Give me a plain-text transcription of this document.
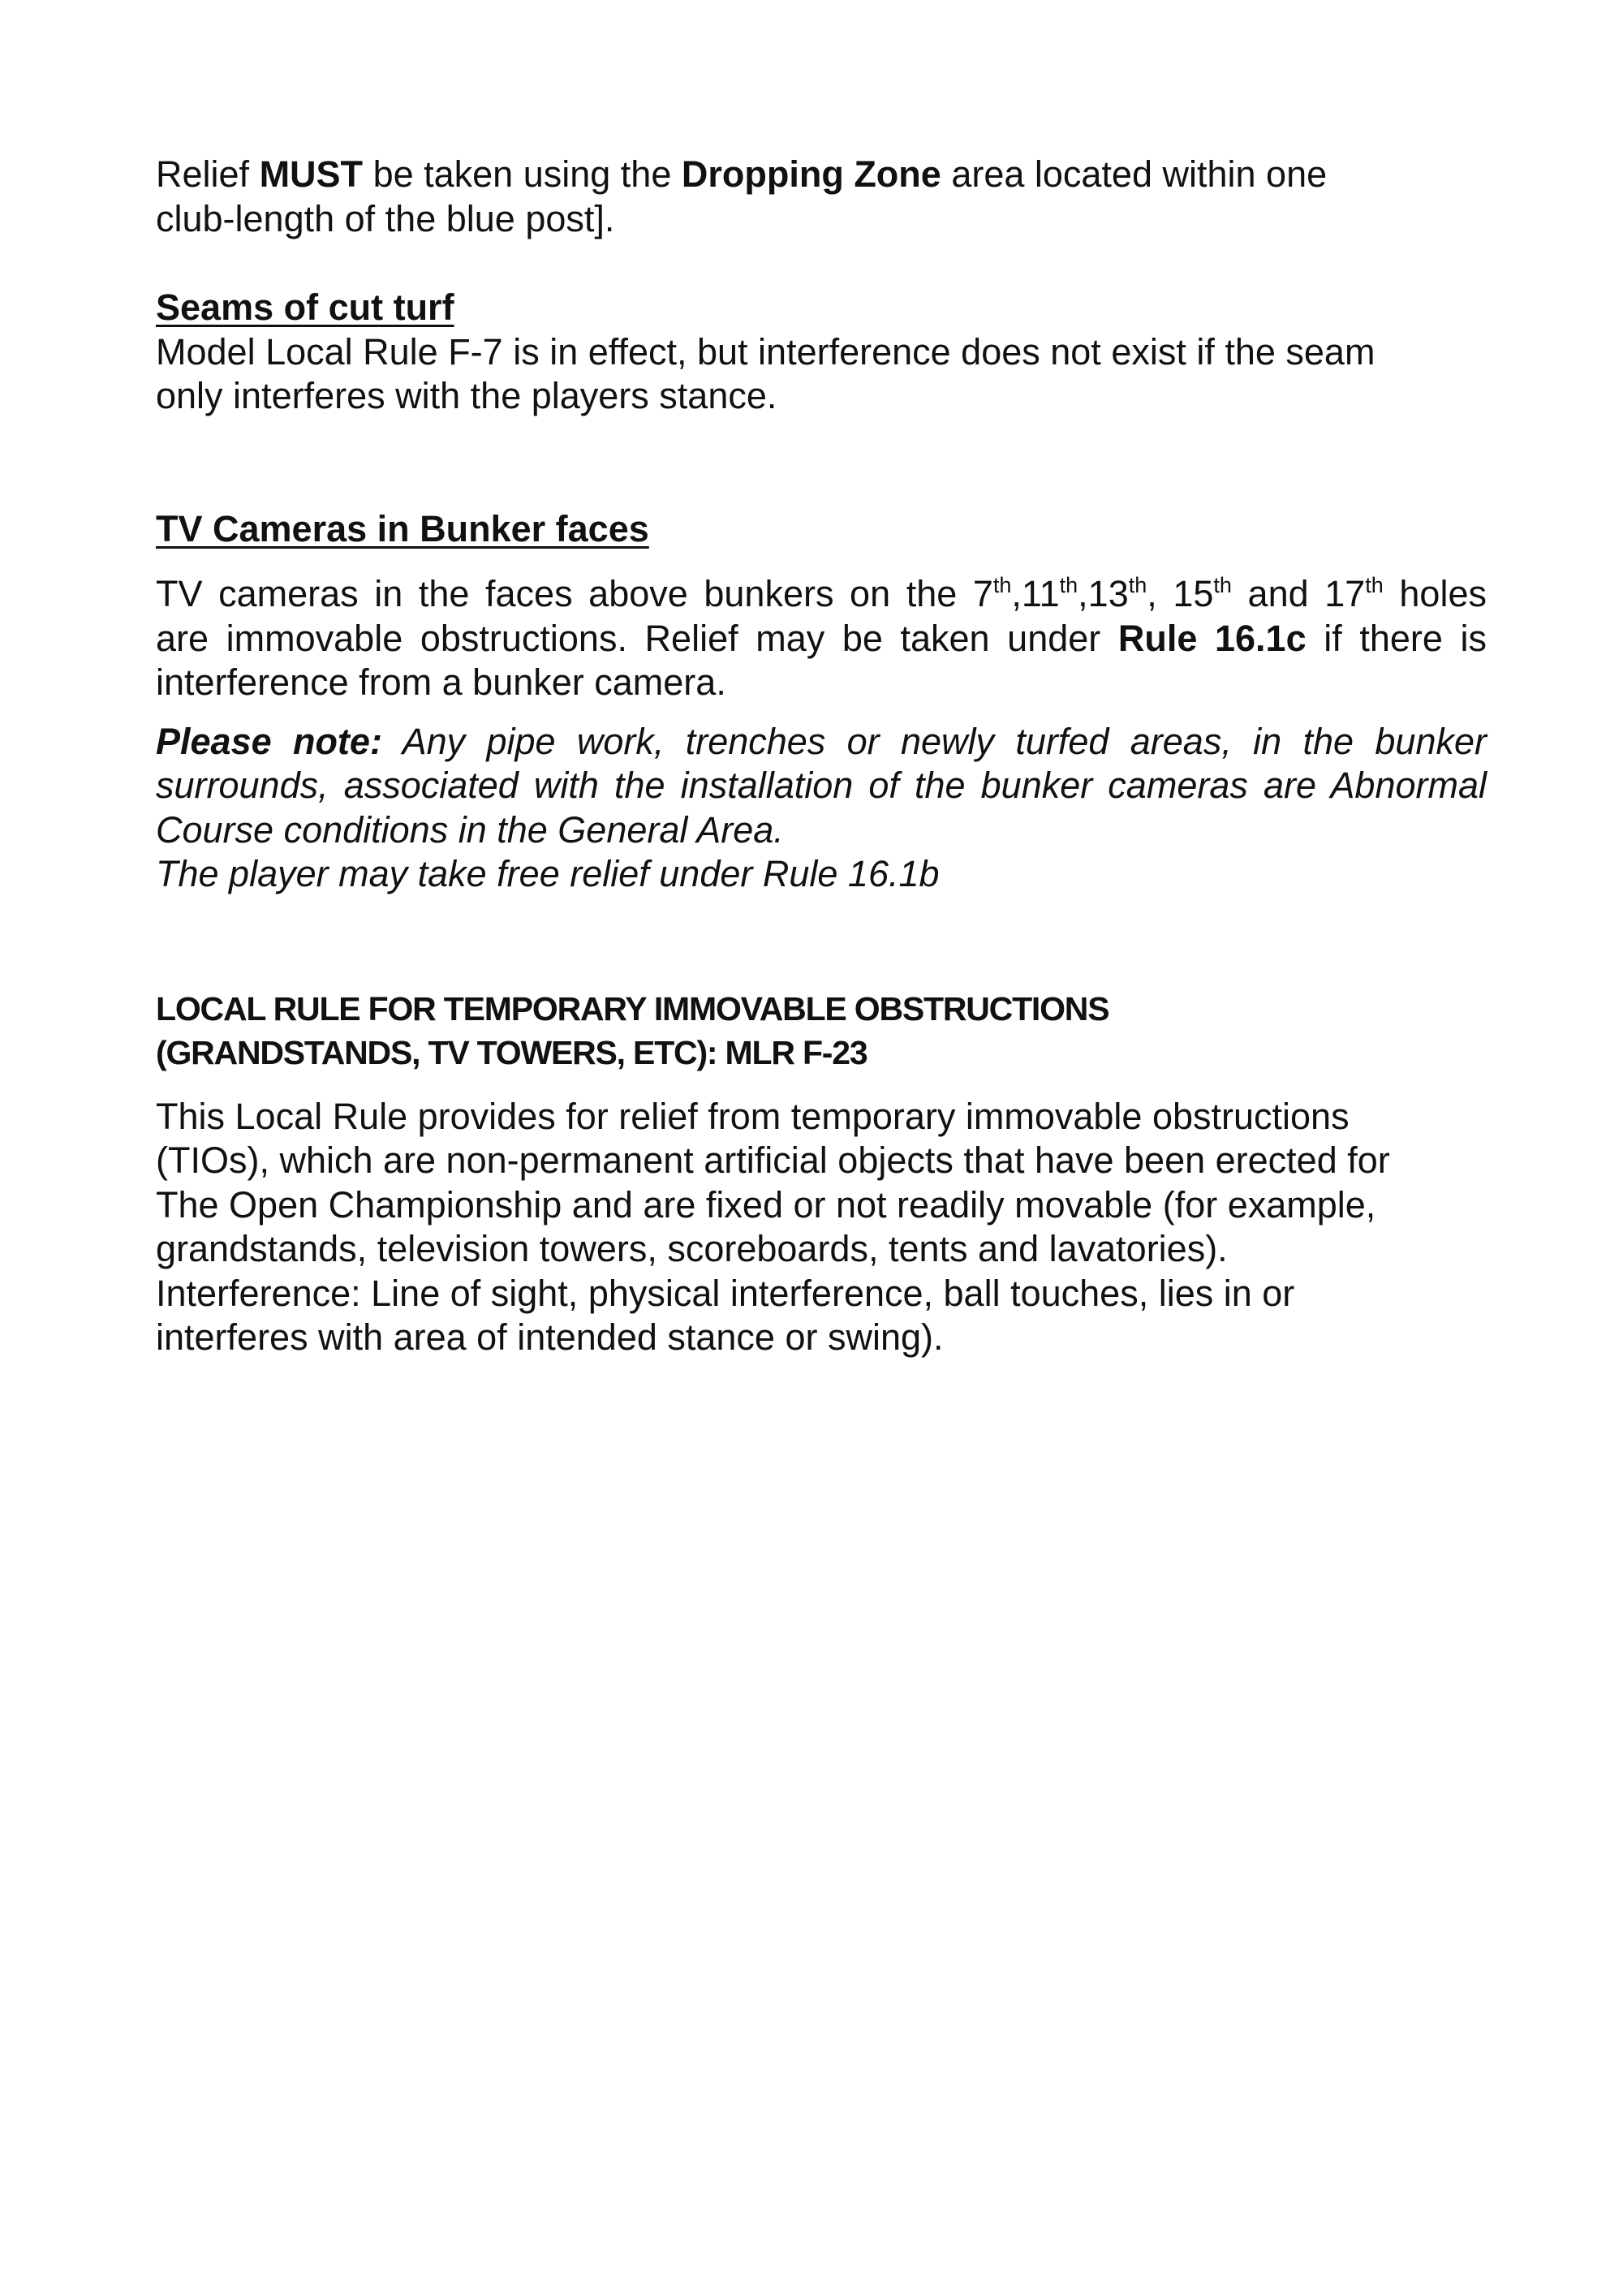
Relief MUST be taken using the Dropping Zone area located within one
club-length of the blue post].
Seams of cut turf
Model Local Rule F-7 is in effect, but interference does not exist if the seam
only interferes with the players stance.
TV Cameras in Bunker faces
TV cameras in the faces above bunkers on the 7th,11th,13th, 15th and 17th holes
are immovable obstructions. Relief may be taken under Rule 16.1c if there is
interference from a bunker camera.
Please note: Any pipe work, trenches or newly turfed areas, in the bunker
surrounds, associated with the installation of the bunker cameras are Abnormal
Course conditions in the General Area.
The player may take free relief under Rule 16.1b
LOCAL RULE FOR TEMPORARY IMMOVABLE OBSTRUCTIONS
(GRANDSTANDS, TV TOWERS, ETC): MLR F-23
This Local Rule provides for relief from temporary immovable obstructions
(TIOs), which are non-permanent artificial objects that have been erected for
The Open Championship and are fixed or not readily movable (for example,
grandstands, television towers, scoreboards, tents and lavatories).
Interference: Line of sight, physical interference, ball touches, lies in or
interferes with area of intended stance or swing).
